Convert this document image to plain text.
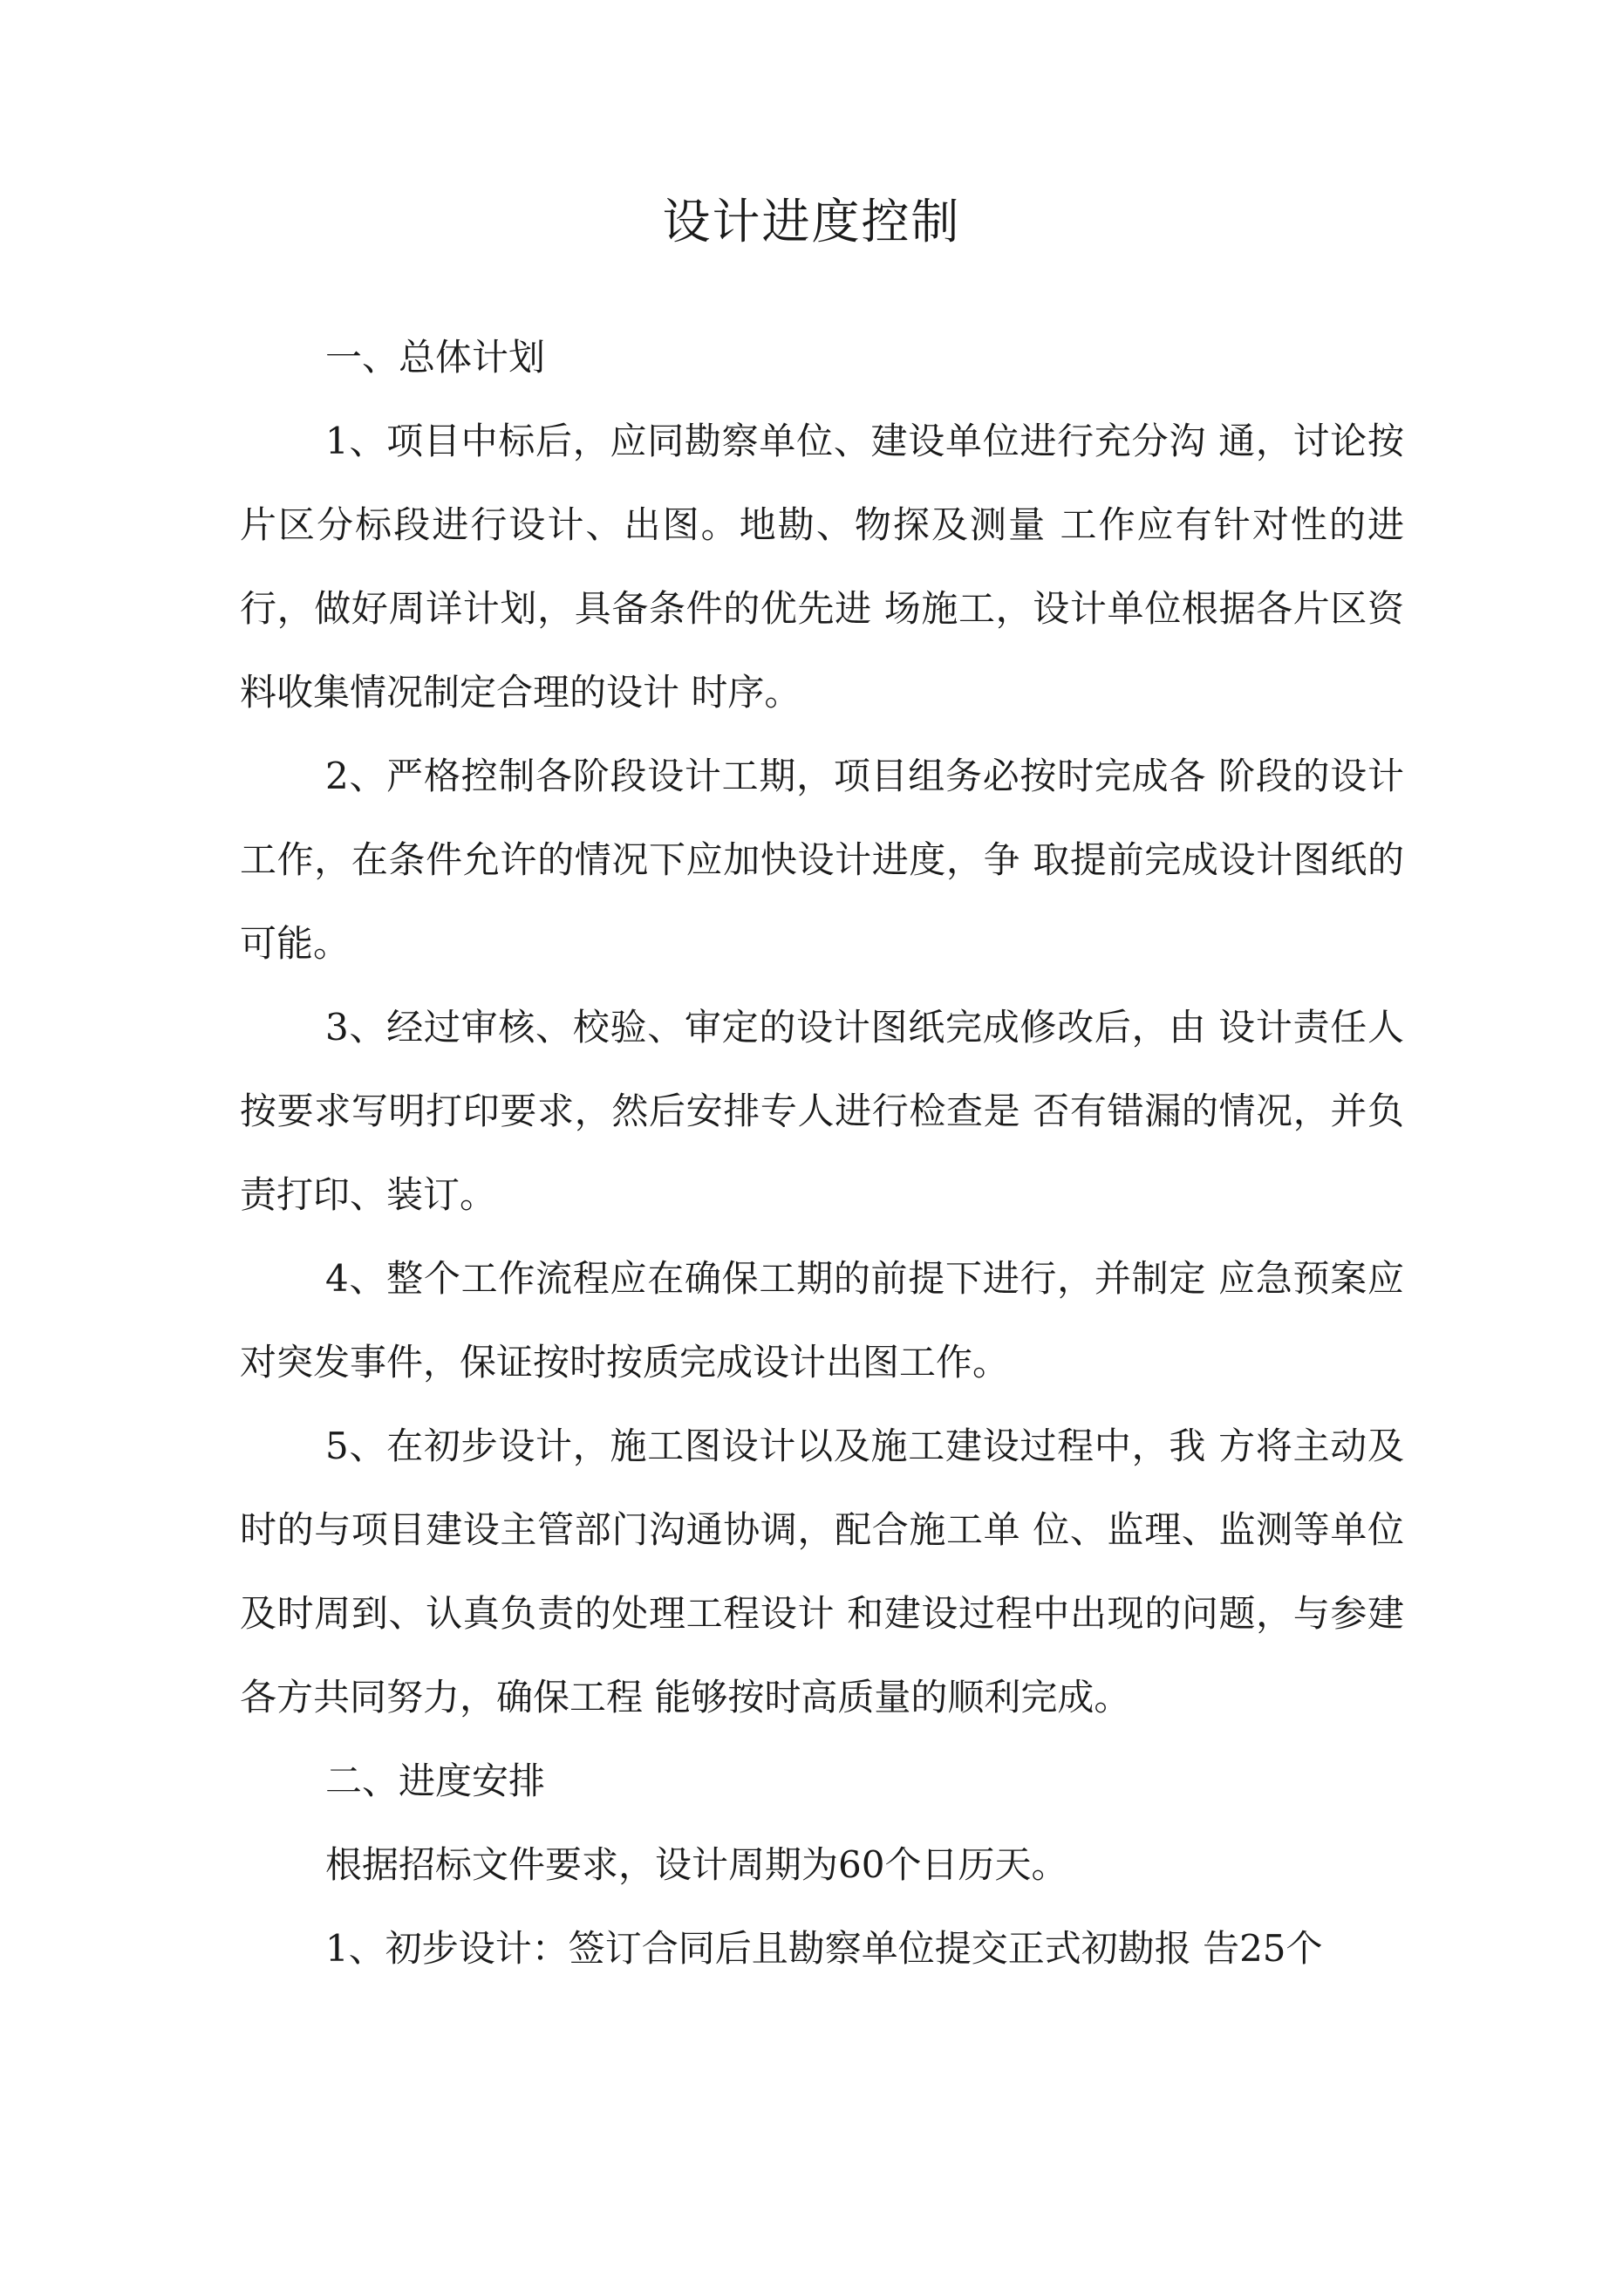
设计进度控制

一、总体计划

1、项目中标后，应同勘察单位、建设单位进行充分沟 通，讨论按片区分标段进行设计、出图。地勘、物探及测量 工作应有针对性的进行，做好周详计划，具备条件的优先进 场施工，设计单位根据各片区资料收集情况制定合理的设计 时序。

2、严格控制各阶段设计工期，项目组务必按时完成各 阶段的设计工作，在条件允许的情况下应加快设计进度，争 取提前完成设计图纸的可能。

3、经过审核、校验、审定的设计图纸完成修改后，由 设计责任人按要求写明打印要求，然后安排专人进行检查是 否有错漏的情况，并负责打印、装订。

4、整个工作流程应在确保工期的前提下进行，并制定 应急预案应对突发事件，保证按时按质完成设计出图工作。

5、在初步设计，施工图设计以及施工建设过程中，我 方将主动及时的与项目建设主管部门沟通协调，配合施工单 位、监理、监测等单位及时周到、认真负责的处理工程设计 和建设过程中出现的问题，与参建各方共同努力，确保工程 能够按时高质量的顺利完成。

二、进度安排

根据招标文件要求，设计周期为60个日历天。

1、初步设计：签订合同后且勘察单位提交正式初勘报 告25个
